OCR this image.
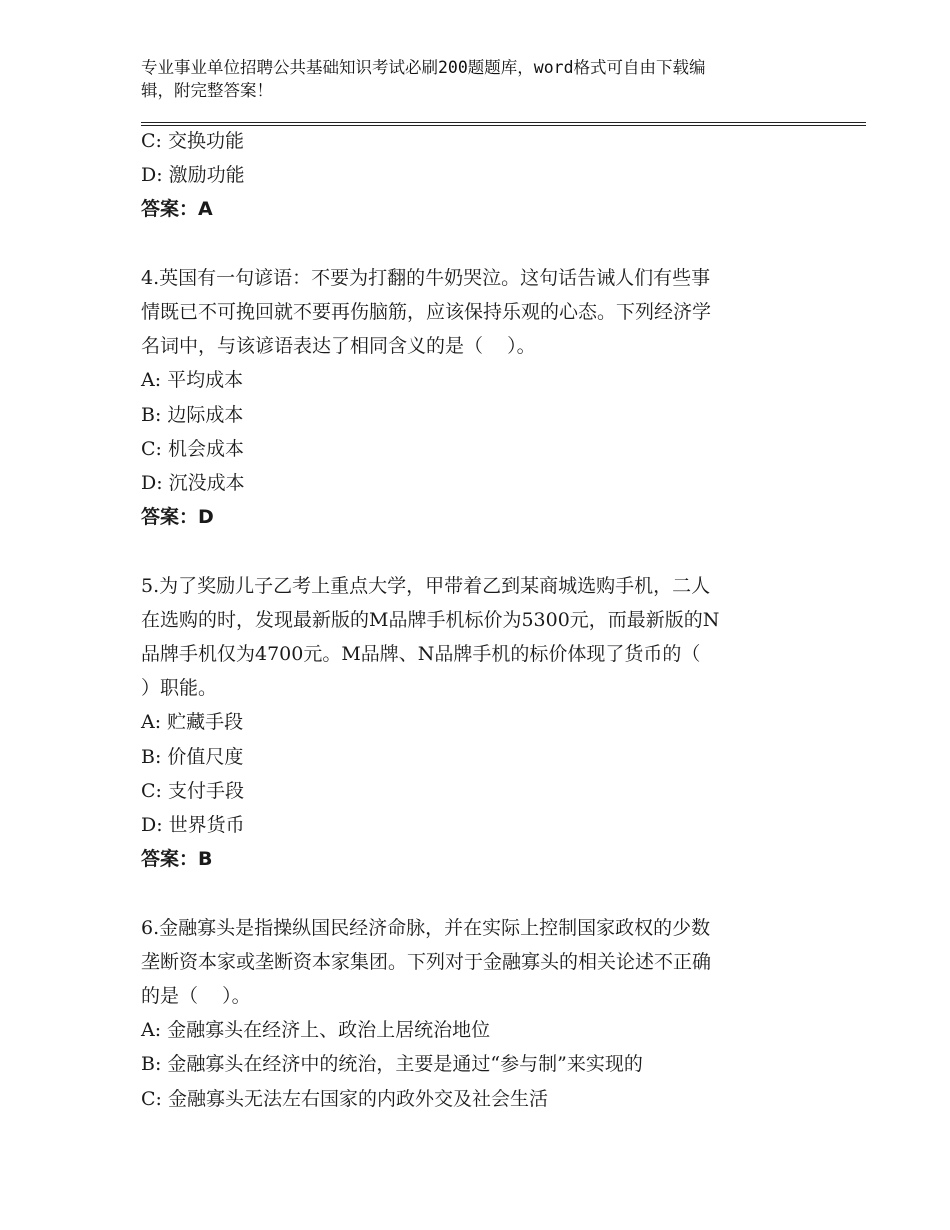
专业事业单位招聘公共基础知识考试必刷200题题库，word格式可自由下载编
辑，附完整答案！
C: 交换功能
D: 激励功能
答案：A
4.英国有一句谚语：不要为打翻的牛奶哭泣。这句话告诫人们有些事
情既已不可挽回就不要再伤脑筋，应该保持乐观的心态。下列经济学
名词中，与该谚语表达了相同含义的是（    ）。
A: 平均成本
B: 边际成本
C: 机会成本
D: 沉没成本
答案：D
5.为了奖励儿子乙考上重点大学，甲带着乙到某商城选购手机，二人
在选购的时，发现最新版的M品牌手机标价为5300元，而最新版的N
品牌手机仅为4700元。M品牌、N品牌手机的标价体现了货币的（
）职能。
A: 贮藏手段
B: 价值尺度
C: 支付手段
D: 世界货币
答案：B
6.金融寡头是指操纵国民经济命脉，并在实际上控制国家政权的少数
垄断资本家或垄断资本家集团。下列对于金融寡头的相关论述不正确
的是（    ）。
A: 金融寡头在经济上、政治上居统治地位
B: 金融寡头在经济中的统治，主要是通过“参与制”来实现的
C: 金融寡头无法左右国家的内政外交及社会生活
